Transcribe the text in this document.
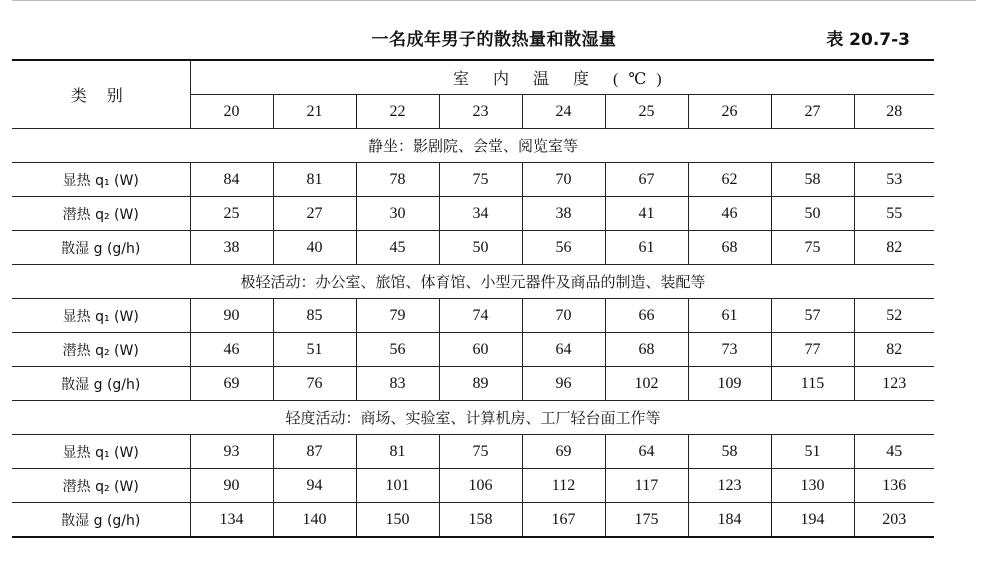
一名成年男子的散热量和散湿量	表 20.7-3
类 别	室 内 温 度 (℃)								
	20	21	22	23	24	25	26	27	28
静坐：影剧院、会堂、阅览室等									
显热 q₁ (W)	84	81	78	75	70	67	62	58	53
潜热 q₂ (W)	25	27	30	34	38	41	46	50	55
散湿 g (g/h)	38	40	45	50	56	61	68	75	82
极轻活动：办公室、旅馆、体育馆、小型元器件及商品的制造、装配等									
显热 q₁ (W)	90	85	79	74	70	66	61	57	52
潜热 q₂ (W)	46	51	56	60	64	68	73	77	82
散湿 g (g/h)	69	76	83	89	96	102	109	115	123
轻度活动：商场、实验室、计算机房、工厂轻台面工作等									
显热 q₁ (W)	93	87	81	75	69	64	58	51	45
潜热 q₂ (W)	90	94	101	106	112	117	123	130	136
散湿 g (g/h)	134	140	150	158	167	175	184	194	203
